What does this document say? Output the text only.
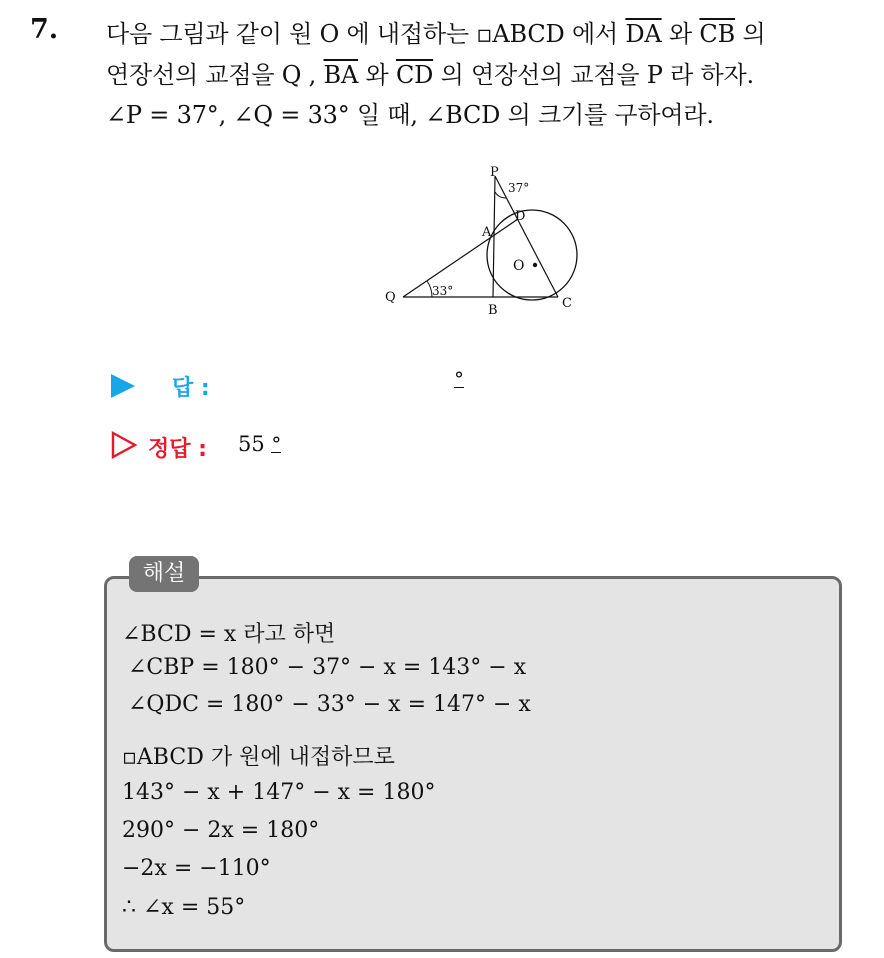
7. 다음 그림과 같이 원 O 에 내접하는 ▫ABCD 에서 $\overline{DA}$ 와 $\overline{CB}$ 의
연장선의 교점을 Q , $\overline{BA}$ 와 $\overline{CD}$ 의 연장선의 교점을 P 라 하자.
∠P = 37°, ∠Q = 33° 일 때, ∠BCD 의 크기를 구하여라.
P
37°
D
A
O
Q	33°
B	C
답 :	°
정답 : 55 °
해설
∠BCD = x 라고 하면
∠CBP = 180° − 37° − x = 143° − x
∠QDC = 180° − 33° − x = 147° − x
▫ABCD 가 원에 내접하므로
143° − x + 147° − x = 180°
290° − 2x = 180°
−2x = −110°
∴ ∠x = 55°
